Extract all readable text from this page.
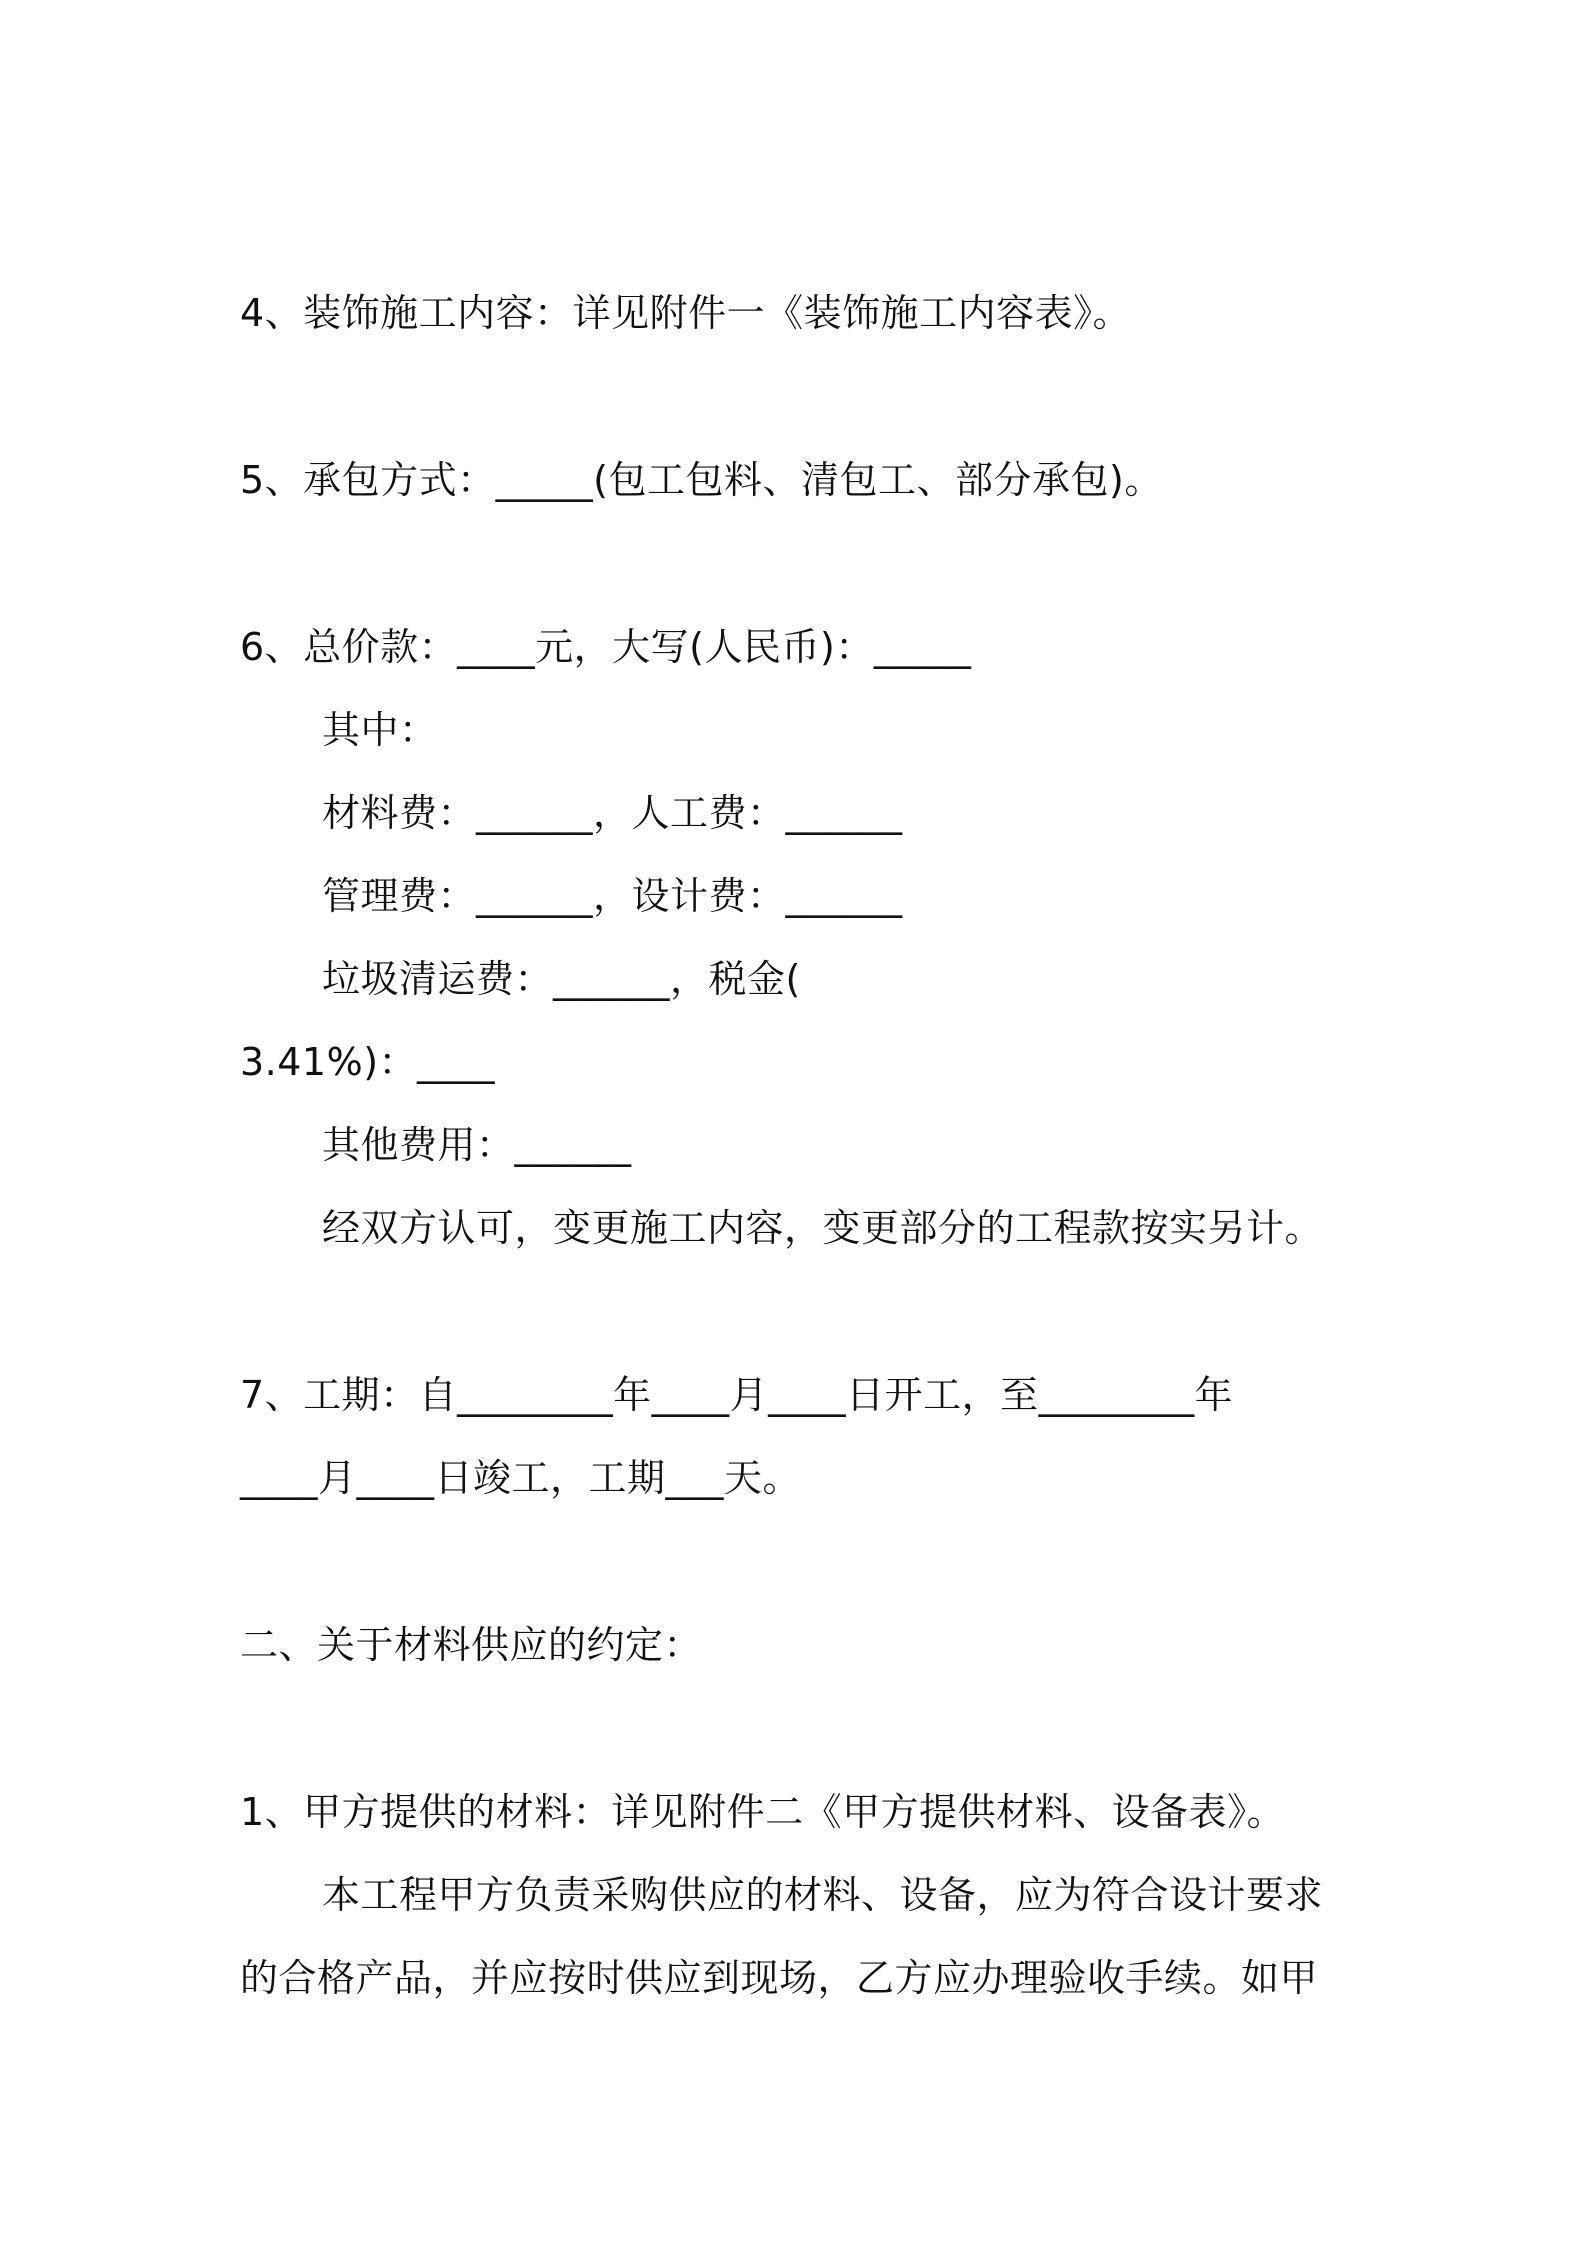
4、装饰施工内容：详见附件一《装饰施工内容表》。
5、承包方式：_____(包工包料、清包工、部分承包)。
6、总价款：____元，大写(人民币)：_____
其中：
材料费：______，人工费：______
管理费：______，设计费：______
垃圾清运费：______，税金(
3.41%)：____
其他费用：______
经双方认可，变更施工内容，变更部分的工程款按实另计。
7、工期：自________年____月____日开工，至________年
____月____日竣工，工期___天。
二、关于材料供应的约定：
1、甲方提供的材料：详见附件二《甲方提供材料、设备表》。
本工程甲方负责采购供应的材料、设备，应为符合设计要求
的合格产品，并应按时供应到现场，乙方应办理验收手续。如甲
